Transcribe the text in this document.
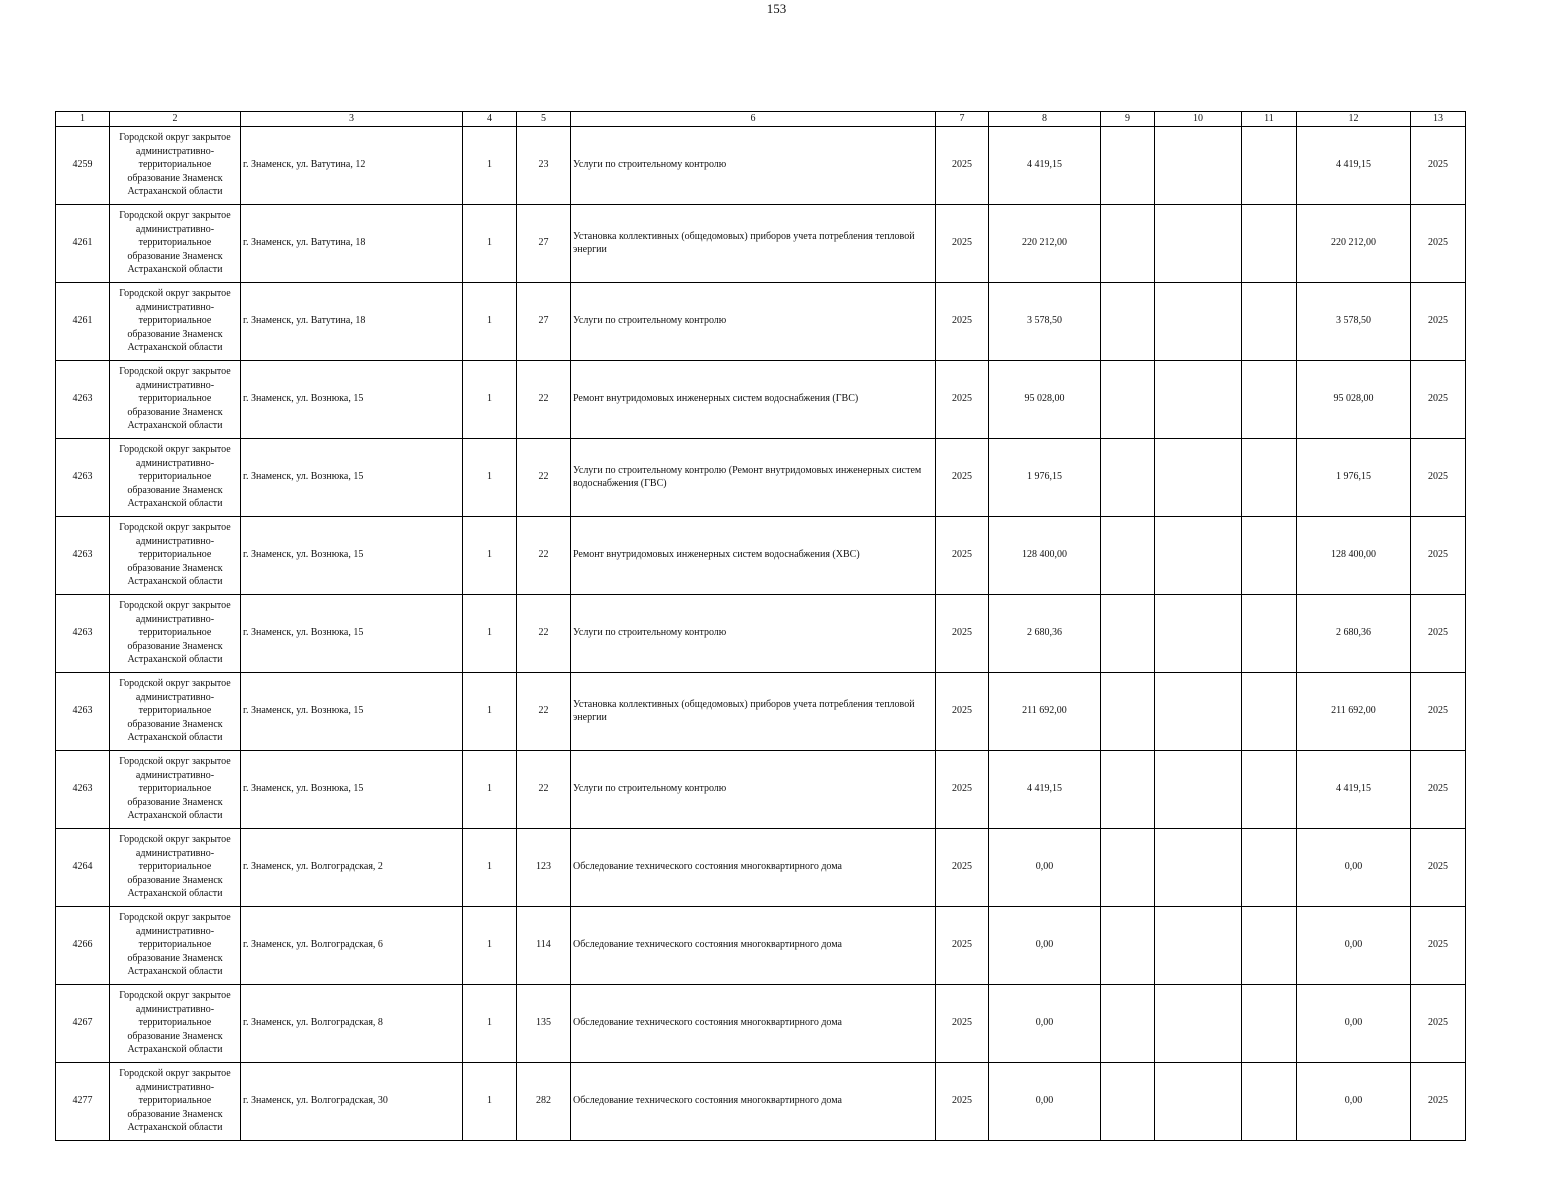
153
1	2	3	4	5	6	7	8	9	10	11	12	13
4259	Городской округ закрытое административно-территориальное образование Знаменск Астраханской области	г. Знаменск, ул. Ватутина, 12	1	23	Услуги по строительному контролю	2025	4 419,15				4 419,15	2025
4261	Городской округ закрытое административно-территориальное образование Знаменск Астраханской области	г. Знаменск, ул. Ватутина, 18	1	27	Установка коллективных (общедомовых) приборов учета потребления тепловой энергии	2025	220 212,00				220 212,00	2025
4261	Городской округ закрытое административно-территориальное образование Знаменск Астраханской области	г. Знаменск, ул. Ватутина, 18	1	27	Услуги по строительному контролю	2025	3 578,50				3 578,50	2025
4263	Городской округ закрытое административно-территориальное образование Знаменск Астраханской области	г. Знаменск, ул. Вознюка, 15	1	22	Ремонт внутридомовых инженерных систем водоснабжения (ГВС)	2025	95 028,00				95 028,00	2025
4263	Городской округ закрытое административно-территориальное образование Знаменск Астраханской области	г. Знаменск, ул. Вознюка, 15	1	22	Услуги по строительному контролю (Ремонт внутридомовых инженерных систем водоснабжения (ГВС)	2025	1 976,15				1 976,15	2025
4263	Городской округ закрытое административно-территориальное образование Знаменск Астраханской области	г. Знаменск, ул. Вознюка, 15	1	22	Ремонт внутридомовых инженерных систем водоснабжения (ХВС)	2025	128 400,00				128 400,00	2025
4263	Городской округ закрытое административно-территориальное образование Знаменск Астраханской области	г. Знаменск, ул. Вознюка, 15	1	22	Услуги по строительному контролю	2025	2 680,36				2 680,36	2025
4263	Городской округ закрытое административно-территориальное образование Знаменск Астраханской области	г. Знаменск, ул. Вознюка, 15	1	22	Установка коллективных (общедомовых) приборов учета потребления тепловой энергии	2025	211 692,00				211 692,00	2025
4263	Городской округ закрытое административно-территориальное образование Знаменск Астраханской области	г. Знаменск, ул. Вознюка, 15	1	22	Услуги по строительному контролю	2025	4 419,15				4 419,15	2025
4264	Городской округ закрытое административно-территориальное образование Знаменск Астраханской области	г. Знаменск, ул. Волгоградская, 2	1	123	Обследование технического состояния многоквартирного дома	2025	0,00				0,00	2025
4266	Городской округ закрытое административно-территориальное образование Знаменск Астраханской области	г. Знаменск, ул. Волгоградская, 6	1	114	Обследование технического состояния многоквартирного дома	2025	0,00				0,00	2025
4267	Городской округ закрытое административно-территориальное образование Знаменск Астраханской области	г. Знаменск, ул. Волгоградская, 8	1	135	Обследование технического состояния многоквартирного дома	2025	0,00				0,00	2025
4277	Городской округ закрытое административно-территориальное образование Знаменск Астраханской области	г. Знаменск, ул. Волгоградская, 30	1	282	Обследование технического состояния многоквартирного дома	2025	0,00				0,00	2025
